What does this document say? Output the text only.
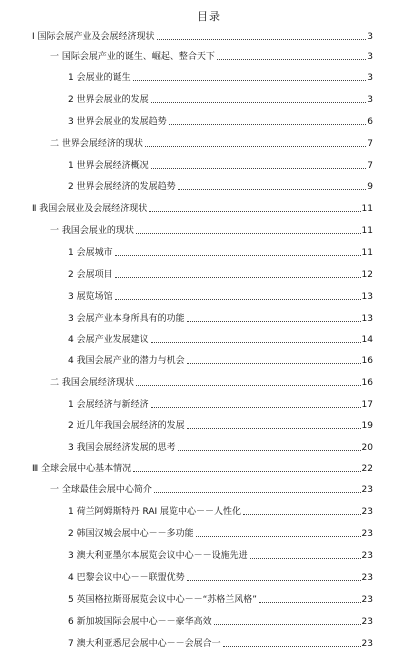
目录
Ⅰ 国际会展产业及会展经济现状	3
一 国际会展产业的诞生、崛起、整合天下	3
1 会展业的诞生	3
2 世界会展业的发展	3
3 世界会展业的发展趋势	6
二 世界会展经济的现状	7
1 世界会展经济概况	7
2 世界会展经济的发展趋势	9
Ⅱ 我国会展业及会展经济现状	11
一 我国会展业的现状	11
1 会展城市	11
2 会展项目	12
3 展览场馆	13
3 会展产业本身所具有的功能	13
4 会展产业发展建议	14
4 我国会展产业的潜力与机会	16
二 我国会展经济现状	16
1 会展经济与新经济	17
2 近几年我国会展经济的发展	19
3 我国会展经济发展的思考	20
Ⅲ 全球会展中心基本情况	22
一 全球最佳会展中心简介	23
1 荷兰阿姆斯特丹 RAI 展览中心－－人性化	23
2 韩国汉城会展中心－－多功能	23
3 澳大利亚墨尔本展览会议中心－－设施先进	23
4 巴黎会议中心－－联盟优势	23
5 英国格拉斯哥展览会议中心－－“苏格兰风格”	23
6 新加坡国际会展中心－－豪华高效	23
7 澳大利亚悉尼会展中心－－会展合一	23
